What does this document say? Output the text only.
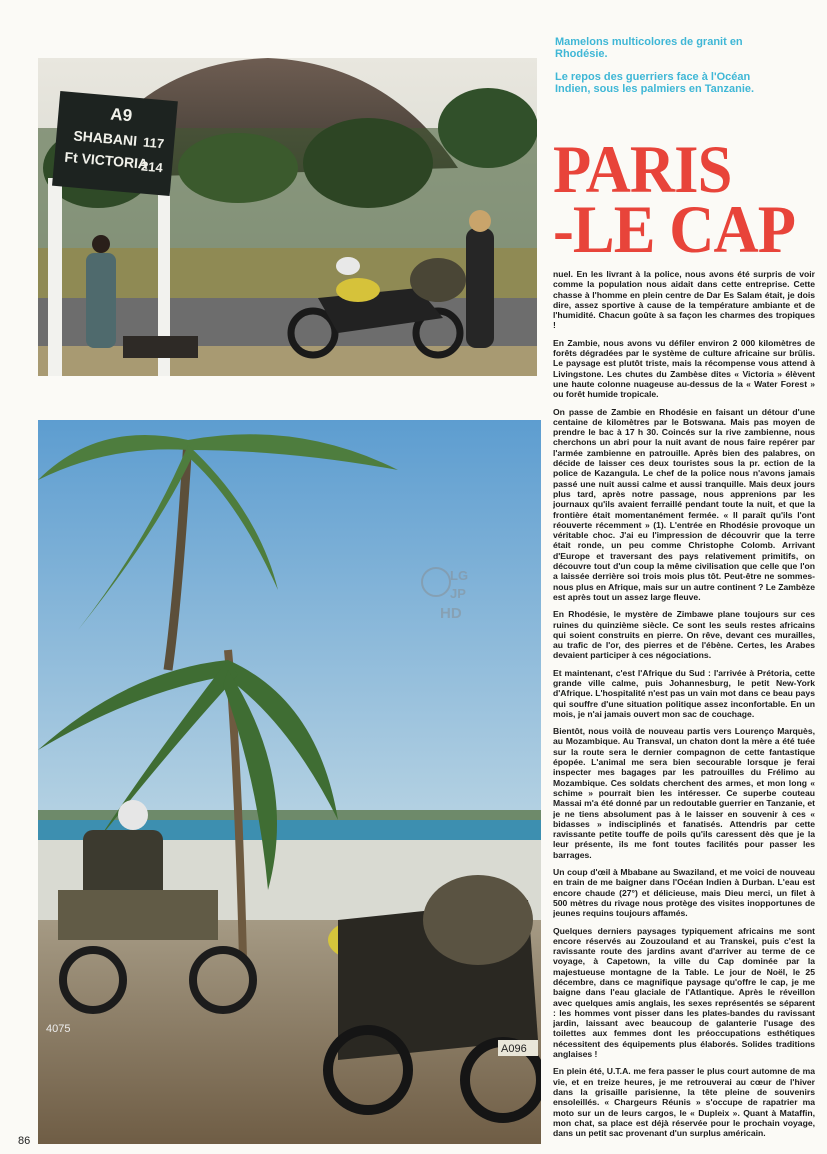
A9
SHABANI 117
Ft VICTORIA
214
4075
A096
LG
JP
HD

Mamelons multicolores de granit en Rhodésie.

Le repos des guerriers face à l'Océan Indien, sous les palmiers en Tanzanie.

PARIS
-LE CAP

nuel. En les livrant à la police, nous avons été surpris de voir comme la population nous aidait dans cette entreprise. Cette chasse à l'homme en plein centre de Dar Es Salam était, je dois dire, assez sportive à cause de la température ambiante et de l'humidité. Chacun goûte à sa façon les charmes des tropiques !

En Zambie, nous avons vu défiler environ 2 000 kilomètres de forêts dégradées par le système de culture africaine sur brûlis. Le paysage est plutôt triste, mais la récompense vous attend à Livingstone. Les chutes du Zambèse dites « Victoria » élèvent une haute colonne nuageuse au-dessus de la « Water Forest » ou forêt humide tropicale.

On passe de Zambie en Rhodésie en faisant un détour d'une centaine de kilomètres par le Botswana. Mais pas moyen de prendre le bac à 17 h 30. Coincés sur la rive zambienne, nous cherchons un abri pour la nuit avant de nous faire repérer par l'armée zambienne en patrouille. Après bien des palabres, on décide de laisser ces deux touristes sous la pr. ection de la police de Kazangula. Le chef de la police nous n'avons jamais passé une nuit aussi calme et aussi tranquille. Mais deux jours plus tard, après notre passage, nous apprenions par les journaux qu'ils avaient ferraillé pendant toute la nuit, et que la frontière était momentanément fermée. « Il paraît qu'ils l'ont réouverte récemment » (1). L'entrée en Rhodésie provoque un véritable choc. J'ai eu l'impression de découvrir que la terre était ronde, un peu comme Christophe Colomb. Arrivant d'Europe et traversant des pays relativement primitifs, on découvre tout d'un coup la même civilisation que celle que l'on a laissée derrière soi trois mois plus tôt. Peut-être ne sommes-nous plus en Afrique, mais sur un autre continent ? Le Zambèze est après tout un assez large fleuve.

En Rhodésie, le mystère de Zimbawe plane toujours sur ces ruines du quinzième siècle. Ce sont les seuls restes africains qui soient construits en pierre. On rêve, devant ces murailles, au trafic de l'or, des pierres et de l'ébène. Certes, les Arabes devaient participer à ces négociations.

Et maintenant, c'est l'Afrique du Sud : l'arrivée à Prétoria, cette grande ville calme, puis Johannesburg, le petit New-York d'Afrique. L'hospitalité n'est pas un vain mot dans ce beau pays qui souffre d'une situation politique assez inconfortable. En un mois, je n'ai jamais ouvert mon sac de couchage.

Bientôt, nous voilà de nouveau partis vers Lourenço Marquès, au Mozambique. Au Transval, un chaton dont la mère a été tuée sur la route sera le dernier compagnon de cette fantastique épopée. L'animal me sera bien secourable lorsque je ferai inspecter mes bagages par les patrouilles du Frélimo au Mozambique. Ces soldats cherchent des armes, et mon long « schime » pourrait bien les intéresser. Ce superbe couteau Massai m'a été donné par un redoutable guerrier en Tanzanie, et je ne tiens absolument pas à le laisser en souvenir à ces « bidasses » indisciplinés et fanatisés. Attendris par cette ravissante petite touffe de poils qu'ils caressent dès que je la leur présente, ils me font toutes facilités pour passer les barrages.

Un coup d'œil à Mbabane au Swaziland, et me voici de nouveau en train de me baigner dans l'Océan Indien à Durban. L'eau est encore chaude (27°) et délicieuse, mais Dieu merci, un filet à 500 mètres du rivage nous protège des visites inopportunes de jeunes requins toujours affamés.

Quelques derniers paysages typiquement africains me sont encore réservés au Zouzouland et au Transkei, puis c'est la ravissante route des jardins avant d'arriver au terme de ce voyage, à Capetown, la ville du Cap dominée par la majestueuse montagne de la Table. Le jour de Noël, le 25 décembre, dans ce magnifique paysage qu'offre le cap, je me baigne dans l'eau glaciale de l'Atlantique. Après le réveillon avec quelques amis anglais, les sexes représentés se séparent : les hommes vont pisser dans les plates-bandes du ravissant jardin, laissant avec beaucoup de galanterie l'usage des toilettes aux femmes dont les préoccupations esthétiques nécessitent des équipements plus élaborés. Solides traditions anglaises !

En plein été, U.T.A. me fera passer le plus court automne de ma vie, et en treize heures, je me retrouverai au cœur de l'hiver dans la grisaille parisienne, la tête pleine de souvenirs ensoleillés. « Chargeurs Réunis » s'occupe de rapatrier ma moto sur un de leurs cargos, le « Dupleix ». Quant à Mataffin, mon chat, sa place est déjà réservée pour le prochain voyage, dans un petit sac provenant d'un surplus américain.

86
